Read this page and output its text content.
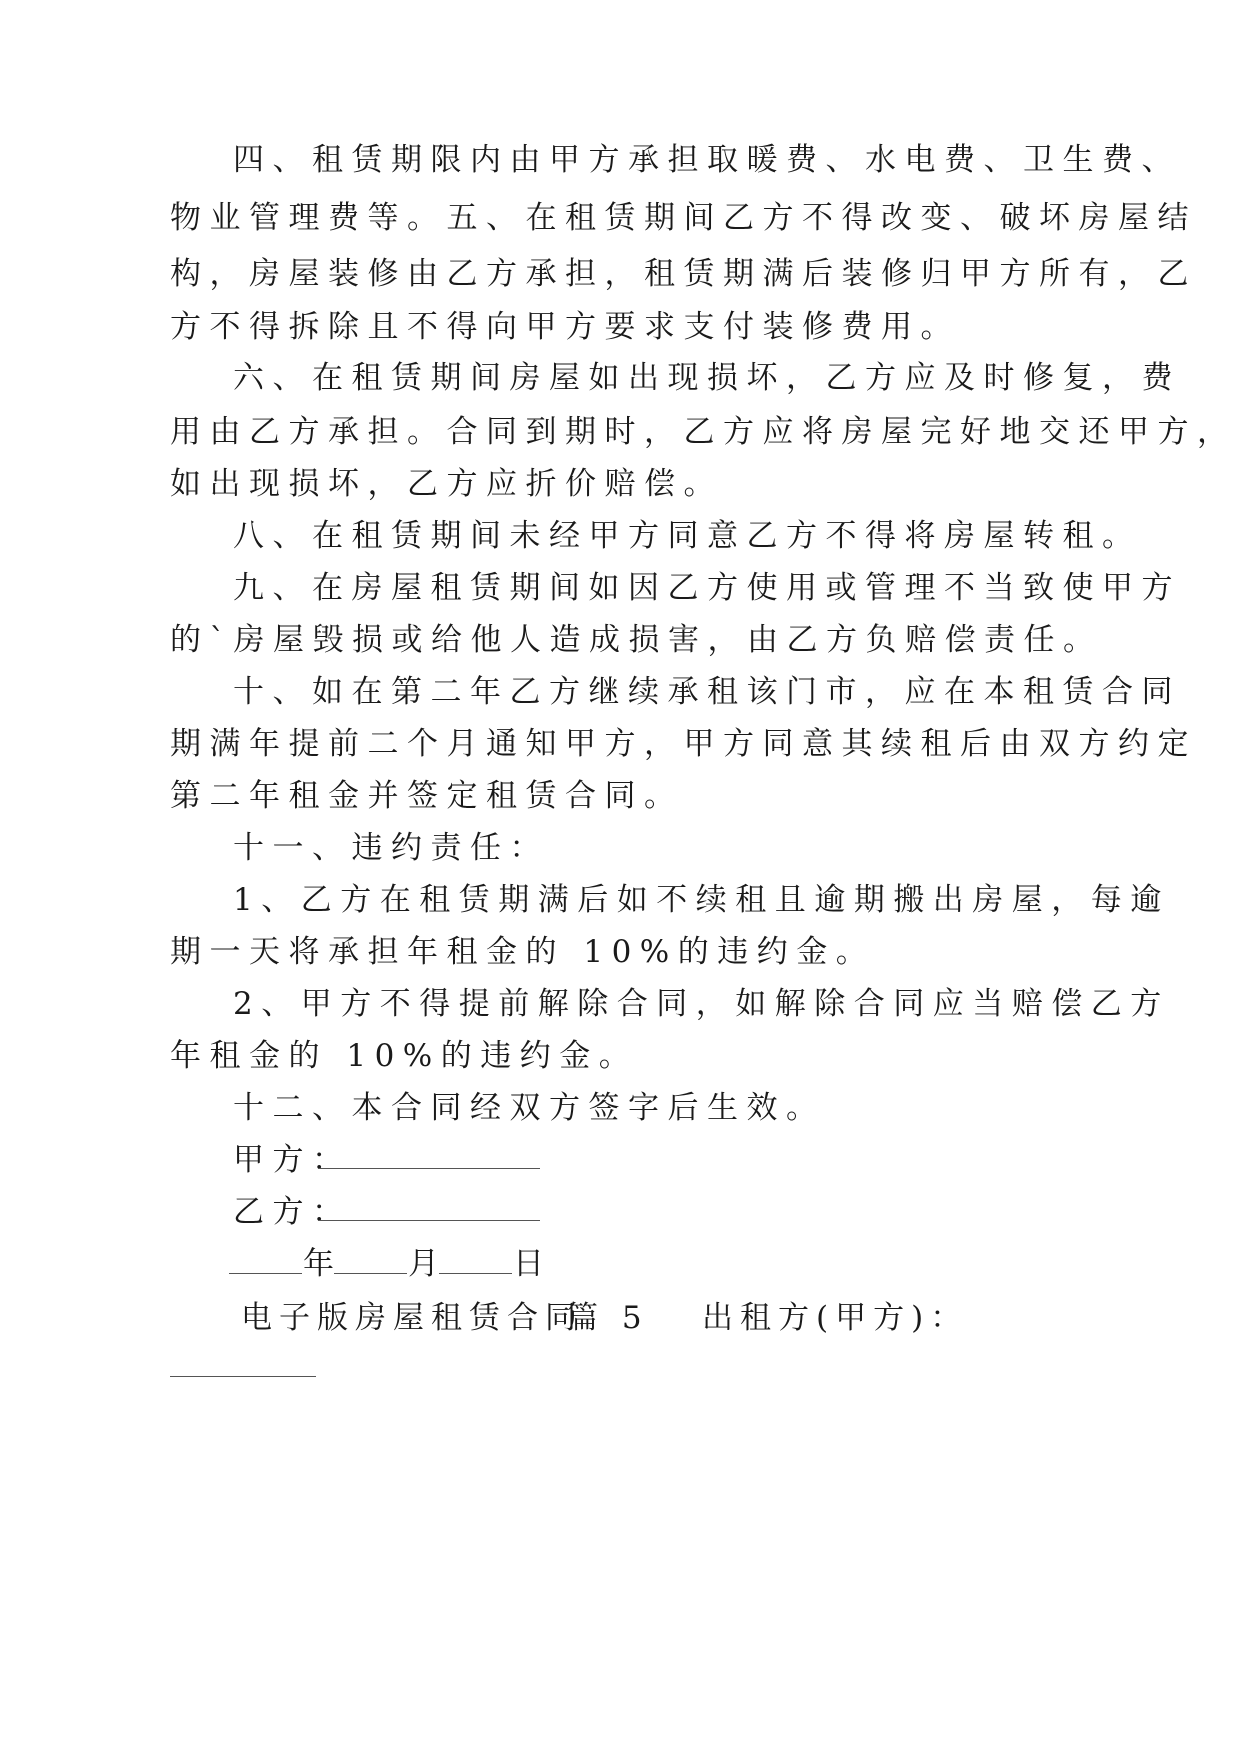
四、租赁期限内由甲方承担取暖费、水电费、卫生费、
物业管理费等。五、在租赁期间乙方不得改变、破坏房屋结
构，房屋装修由乙方承担，租赁期满后装修归甲方所有，乙
方不得拆除且不得向甲方要求支付装修费用。
六、在租赁期间房屋如出现损坏，乙方应及时修复，费
用由乙方承担。合同到期时，乙方应将房屋完好地交还甲方，
如出现损坏，乙方应折价赔偿。
八、在租赁期间未经甲方同意乙方不得将房屋转租。
九、在房屋租赁期间如因乙方使用或管理不当致使甲方
的`房屋毁损或给他人造成损害，由乙方负赔偿责任。
十、如在第二年乙方继续承租该门市，应在本租赁合同
期满年提前二个月通知甲方，甲方同意其续租后由双方约定
第二年租金并签定租赁合同。
十一、违约责任：
1、乙方在租赁期满后如不续租且逾期搬出房屋，每逾
期一天将承担年租金的 10%的违约金。
2、甲方不得提前解除合同，如解除合同应当赔偿乙方
年租金的 10%的违约金。
十二、本合同经双方签字后生效。
甲方：
乙方：
年 月 日
电子版房屋租赁合同
篇 5 出租方(甲方)：
